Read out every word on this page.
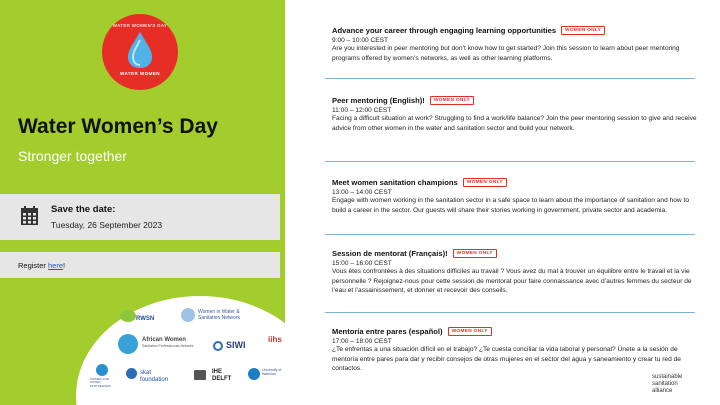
WATER WOMEN'S DAY
WATER WOMEN
Water Women’s Day
Stronger together
Save the date:
Tuesday, 26 September 2023
Register here!
RWSN
Women in Water & Sanitation Network
African Women
Sanitation Professionals Network	SIWI
iihs
WOMEN FOR WATER PARTNERSHIP
skat foundation
IHE DELFT
University of Waterloo
Advance your career through engaging learning opportunities	WOMEN ONLY
9:00 – 10:00 CEST
Are you interested in peer mentoring but don’t know how to get started? Join this session to learn about peer mentoring programs offered by women’s networks, as well as other learning platforms.
Peer mentoring (English)!	WOMEN ONLY
11:00 – 12:00 CEST
Facing a difficult situation at work? Struggling to find a work/life balance? Join the peer mentoring session to give and receive advice from other women in the water and sanitation sector and build your network.
Meet women sanitation champions	WOMEN ONLY
13:00 – 14:00 CEST
Engage with women working in the sanitation sector in a safe space to learn about the importance of sanitation and how to build a career in the sector. Our guests will share their stories working in government, private sector and academia.
Session de mentorat (Français)!	WOMEN ONLY
15:00 – 16:00 CEST
Vous êtes confrontées à des situations difficiles au travail ? Vous avez du mal à trouver un équilibre entre le travail et la vie personnelle ? Rejoignez-nous pour cette session de mentorat pour faire connaissance avec d’autres femmes du secteur de l’eau et l’assainissement, et donner et recevoir des conseils.
Mentoría entre pares (español)	WOMEN ONLY
17:00 – 18:00 CEST
¿Te enfrentas a una situación difícil en el trabajo? ¿Te cuesta conciliar la vida laboral y personal? Únete a la sesión de mentoría entre pares para dar y recibir consejos de otras mujeres en el sector del agua y saneamiento y crear tu red de contactos.
sustainable
sanitation
alliance
